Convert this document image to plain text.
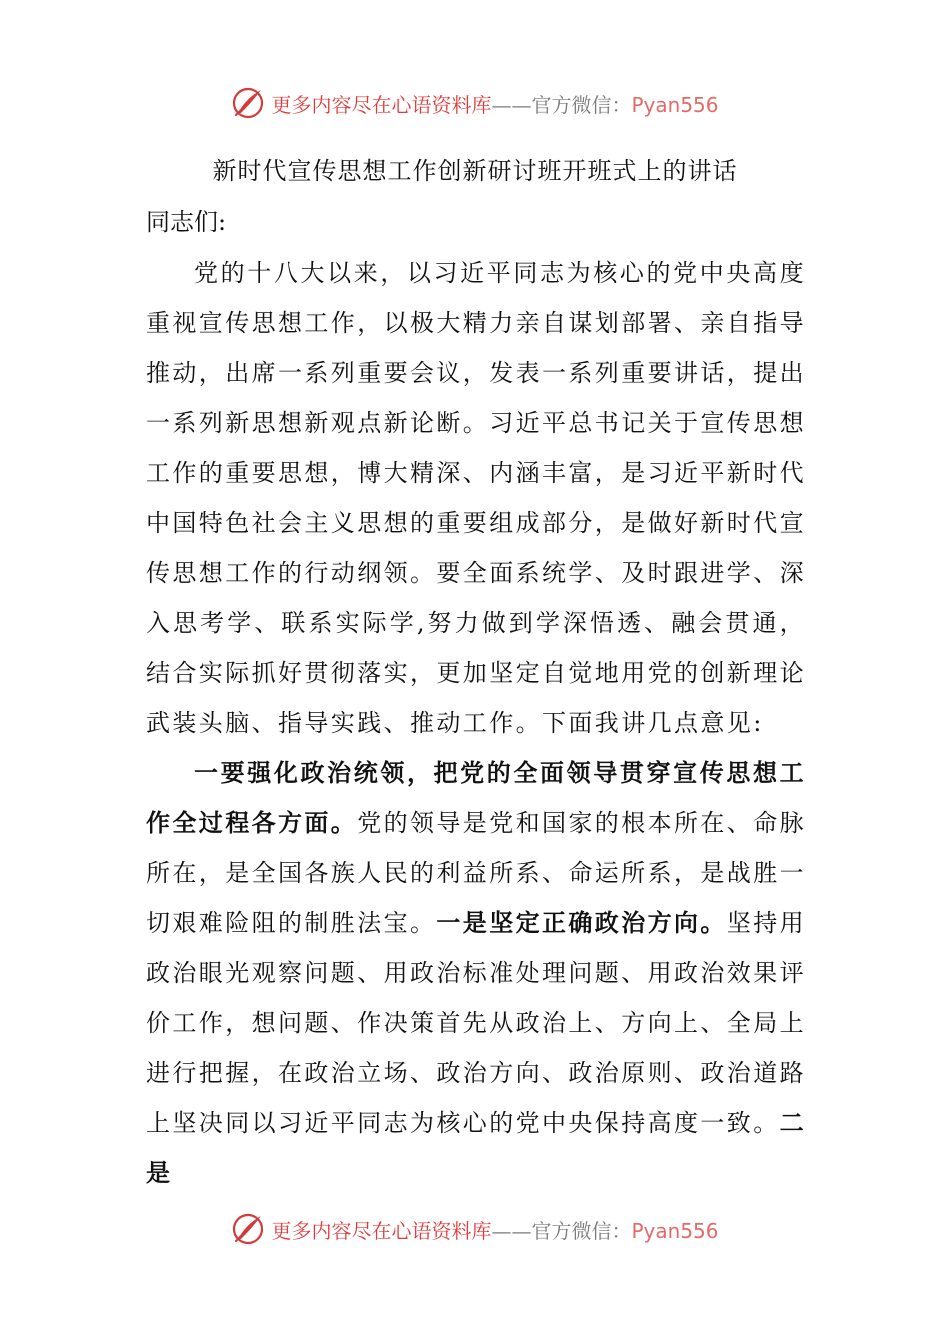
更多内容尽在心语资料库——官方微信：Pyan556
新时代宣传思想工作创新研讨班开班式上的讲话
同志们:
党的十八大以来，以习近平同志为核心的党中央高度重视宣传思想工作，以极大精力亲自谋划部署、亲自指导推动，出席一系列重要会议，发表一系列重要讲话，提出一系列新思想新观点新论断。习近平总书记关于宣传思想工作的重要思想，博大精深、内涵丰富，是习近平新时代中国特色社会主义思想的重要组成部分，是做好新时代宣传思想工作的行动纲领。要全面系统学、及时跟进学、深入思考学、联系实际学,努力做到学深悟透、融会贯通，结合实际抓好贯彻落实，更加坚定自觉地用党的创新理论武装头脑、指导实践、推动工作。下面我讲几点意见:
一要强化政治统领，把党的全面领导贯穿宣传思想工作全过程各方面。党的领导是党和国家的根本所在、命脉所在，是全国各族人民的利益所系、命运所系，是战胜一切艰难险阻的制胜法宝。一是坚定正确政治方向。坚持用政治眼光观察问题、用政治标准处理问题、用政治效果评价工作，想问题、作决策首先从政治上、方向上、全局上进行把握，在政治立场、政治方向、政治原则、政治道路上坚决同以习近平同志为核心的党中央保持高度一致。二是
更多内容尽在心语资料库——官方微信：Pyan556
